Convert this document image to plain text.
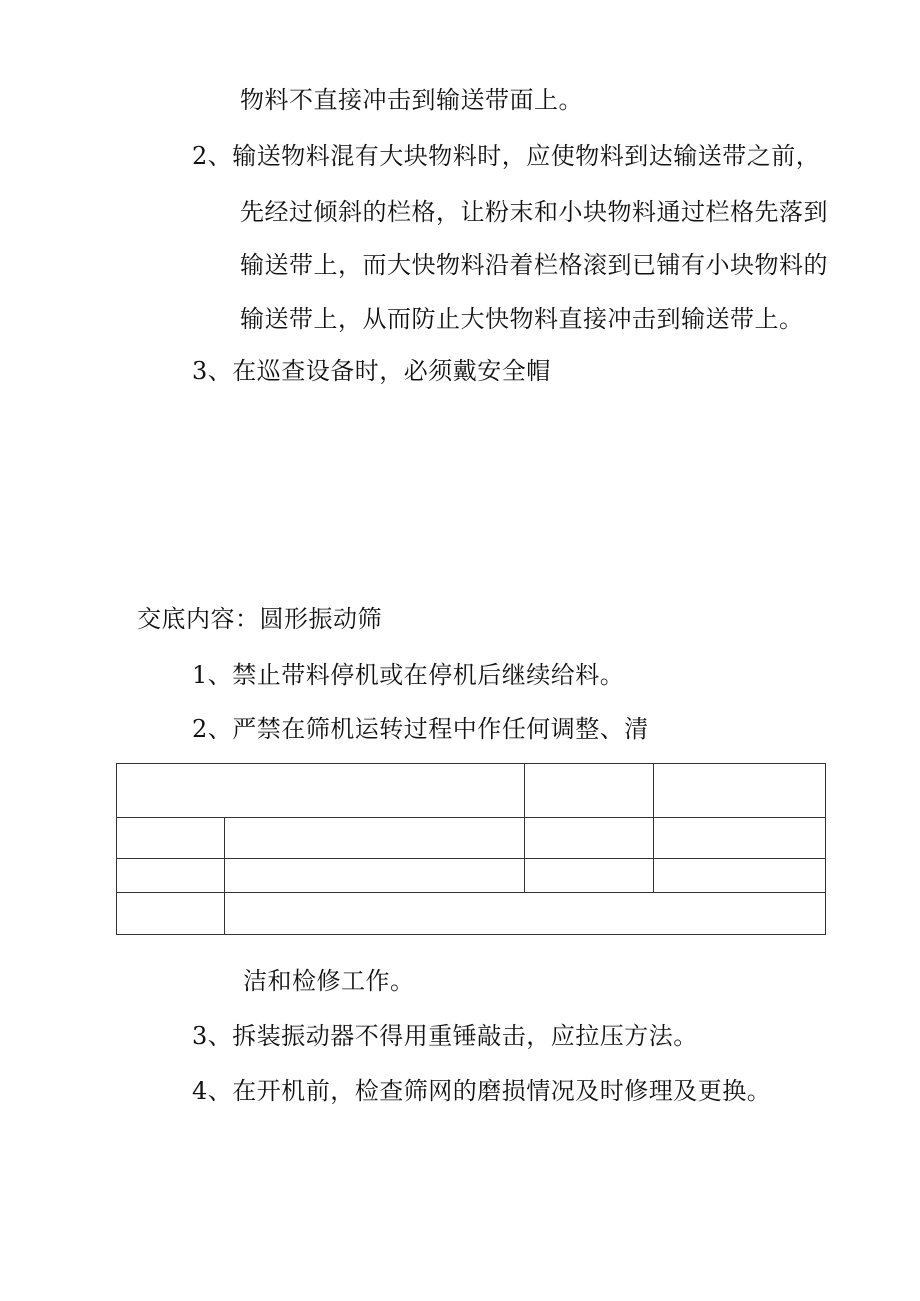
物料不直接冲击到输送带面上。
2、输送物料混有大块物料时，应使物料到达输送带之前，
先经过倾斜的栏格，让粉末和小块物料通过栏格先落到
输送带上，而大快物料沿着栏格滚到已铺有小块物料的
输送带上，从而防止大快物料直接冲击到输送带上。
3、在巡查设备时，必须戴安全帽
交底内容：圆形振动筛
1、禁止带料停机或在停机后继续给料。
2、严禁在筛机运转过程中作任何调整、清

洁和检修工作。
3、拆装振动器不得用重锤敲击，应拉压方法。
4、在开机前，检查筛网的磨损情况及时修理及更换。
